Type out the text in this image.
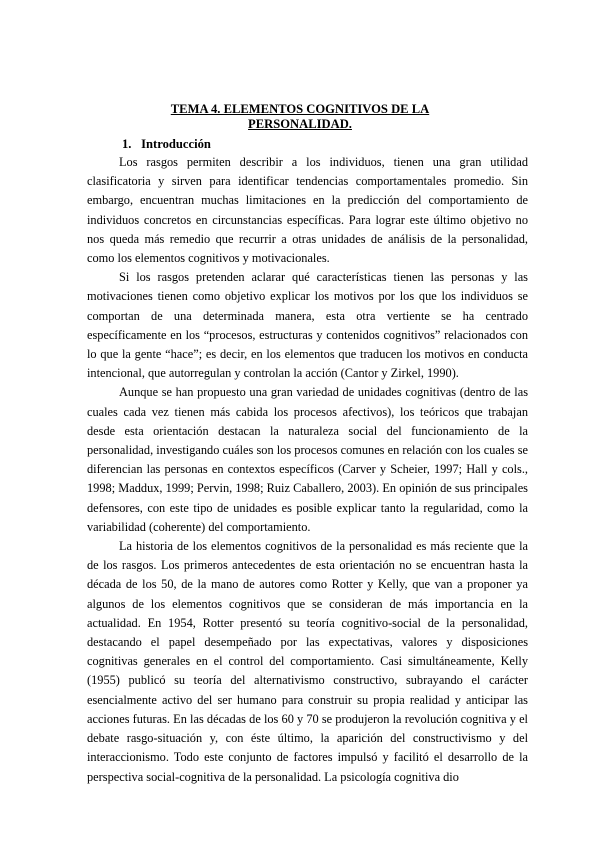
TEMA 4. ELEMENTOS COGNITIVOS DE LA
PERSONALIDAD.
1. Introducción

Los rasgos permiten describir a los individuos, tienen una gran utilidad clasificatoria y sirven para identificar tendencias comportamentales promedio. Sin embargo, encuentran muchas limitaciones en la predicción del comportamiento de individuos concretos en circunstancias específicas. Para lograr este último objetivo no nos queda más remedio que recurrir a otras unidades de análisis de la personalidad, como los elementos cognitivos y motivacionales.

Si los rasgos pretenden aclarar qué características tienen las personas y las motivaciones tienen como objetivo explicar los motivos por los que los individuos se comportan de una determinada manera, esta otra vertiente se ha centrado específicamente en los “procesos, estructuras y contenidos cognitivos” relacionados con lo que la gente “hace”; es decir, en los elementos que traducen los motivos en conducta intencional, que autorregulan y controlan la acción (Cantor y Zirkel, 1990).

Aunque se han propuesto una gran variedad de unidades cognitivas (dentro de las cuales cada vez tienen más cabida los procesos afectivos), los teóricos que trabajan desde esta orientación destacan la naturaleza social del funcionamiento de la personalidad, investigando cuáles son los procesos comunes en relación con los cuales se diferencian las personas en contextos específicos (Carver y Scheier, 1997; Hall y cols., 1998; Maddux, 1999; Pervin, 1998; Ruiz Caballero, 2003). En opinión de sus principales defensores, con este tipo de unidades es posible explicar tanto la regularidad, como la variabilidad (coherente) del comportamiento.

La historia de los elementos cognitivos de la personalidad es más reciente que la de los rasgos. Los primeros antecedentes de esta orientación no se encuentran hasta la década de los 50, de la mano de autores como Rotter y Kelly, que van a proponer ya algunos de los elementos cognitivos que se consideran de más importancia en la actualidad. En 1954, Rotter presentó su teoría cognitivo-social de la personalidad, destacando el papel desempeñado por las expectativas, valores y disposiciones cognitivas generales en el control del comportamiento. Casi simultáneamente, Kelly (1955) publicó su teoría del alternativismo constructivo, subrayando el carácter esencialmente activo del ser humano para construir su propia realidad y anticipar las acciones futuras. En las décadas de los 60 y 70 se produjeron la revolución cognitiva y el debate rasgo-situación y, con éste último, la aparición del constructivismo y del interaccionismo. Todo este conjunto de factores impulsó y facilitó el desarrollo de la perspectiva social-cognitiva de la personalidad. La psicología cognitiva dio
